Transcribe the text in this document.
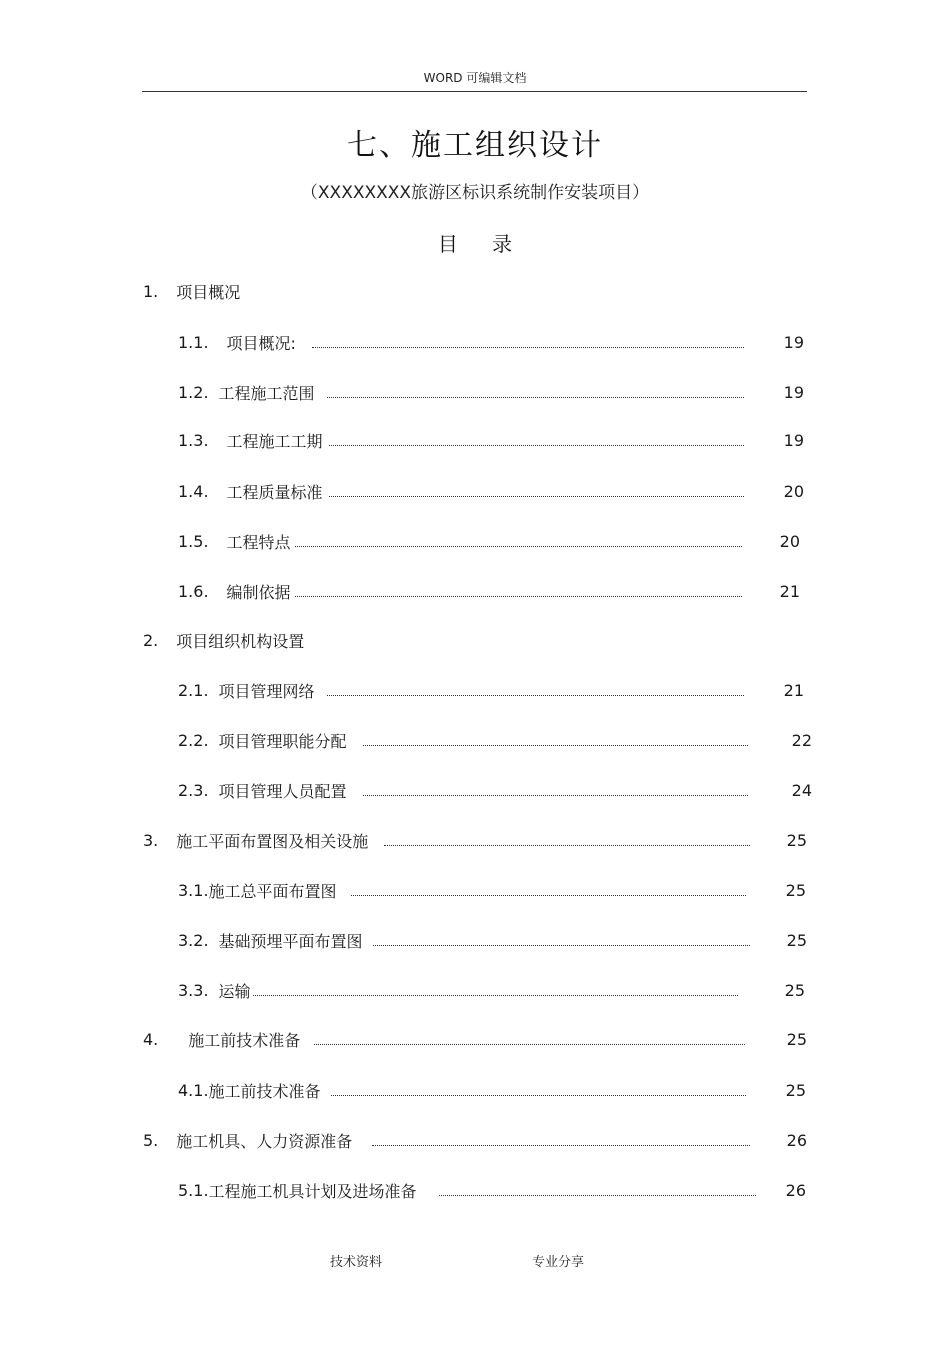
WORD 可编辑文档
七、施工组织设计
（XXXXXXXX旅游区标识系统制作安装项目）
目 录
1. 项目概况
1.1. 项目概况:	19
1.2. 工程施工范围	19
1.3. 工程施工工期	19
1.4. 工程质量标准	20
1.5. 工程特点	20
1.6. 编制依据	21
2. 项目组织机构设置
2.1. 项目管理网络	21
2.2. 项目管理职能分配	22
2.3. 项目管理人员配置	24
3. 施工平面布置图及相关设施	25
3.1. 施工总平面布置图	25
3.2. 基础预埋平面布置图	25
3.3. 运输	25
4. 施工前技术准备	25
4.1. 施工前技术准备	25
5. 施工机具、人力资源准备	26
5.1. 工程施工机具计划及进场准备	26
技术资料	专业分享
